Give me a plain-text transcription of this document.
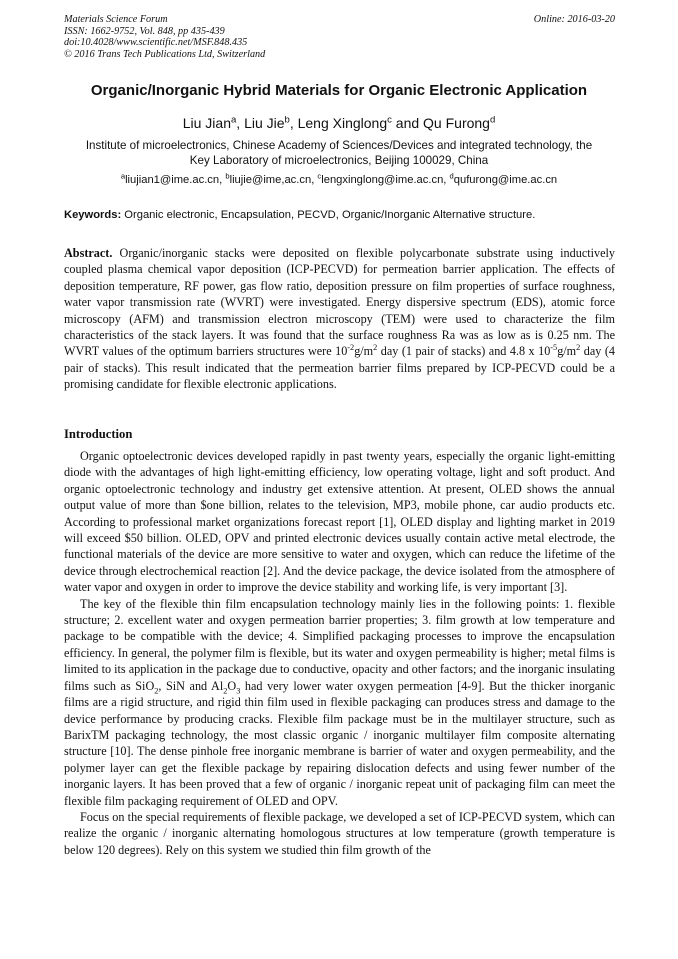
Materials Science Forum
ISSN: 1662-9752, Vol. 848, pp 435-439
doi:10.4028/www.scientific.net/MSF.848.435
© 2016 Trans Tech Publications Ltd, Switzerland
Online: 2016-03-20
Organic/Inorganic Hybrid Materials for Organic Electronic Application
Liu Jian$^a$, Liu Jie$^b$, Leng Xinglong$^c$ and Qu Furong$^d$
Institute of microelectronics, Chinese Academy of Sciences/Devices and integrated technology, the
Key Laboratory of microelectronics, Beijing 100029, China
$^a$liujian1@ime.ac.cn, $^b$liujie@ime,ac.cn, $^c$lengxinglong@ime.ac.cn, $^d$qufurong@ime.ac.cn
Keywords: Organic electronic, Encapsulation, PECVD, Organic/Inorganic Alternative structure.
Abstract. Organic/inorganic stacks were deposited on flexible polycarbonate substrate using inductively coupled plasma chemical vapor deposition (ICP-PECVD) for permeation barrier application. The effects of deposition temperature, RF power, gas flow ratio, deposition pressure on film properties of surface roughness, water vapor transmission rate (WVRT) were investigated. Energy dispersive spectrum (EDS), atomic force microscopy (AFM) and transmission electron microscopy (TEM) were used to characterize the film characteristics of the stack layers. It was found that the surface roughness Ra was as low as is 0.25 nm. The WVRT values of the optimum barriers structures were $10^{-2}g/m^2$ day (1 pair of stacks) and 4.8 x $10^{-5}g/m^2$ day (4 pair of stacks). This result indicated that the permeation barrier films prepared by ICP-PECVD could be a promising candidate for flexible electronic applications.
Introduction

Organic optoelectronic devices developed rapidly in past twenty years, especially the organic light-emitting diode with the advantages of high light-emitting efficiency, low operating voltage, light and soft product. And organic optoelectronic technology and industry get extensive attention. At present, OLED shows the annual output value of more than $one billion, relates to the television, MP3, mobile phone, car audio products etc. According to professional market organizations forecast report [1], OLED display and lighting market in 2019 will exceed $50 billion. OLED, OPV and printed electronic devices usually contain active metal electrode, the functional materials of the device are more sensitive to water and oxygen, which can reduce the lifetime of the device through electrochemical reaction [2]. And the device package, the device isolated from the atmosphere of water vapor and oxygen in order to improve the device stability and working life, is very important [3].

The key of the flexible thin film encapsulation technology mainly lies in the following points: 1. flexible structure; 2. excellent water and oxygen permeation barrier properties; 3. film growth at low temperature and package to be compatible with the device; 4. Simplified packaging processes to improve the encapsulation efficiency. In general, the polymer film is flexible, but its water and oxygen permeability is higher; metal films is limited to its application in the package due to conductive, opacity and other factors; and the inorganic insulating films such as SiO$_2$, SiN and $Al_2O_3$ had very lower water oxygen permeation [4-9]. But the thicker inorganic films are a rigid structure, and rigid thin film used in flexible packaging can produces stress and damage to the device performance by producing cracks. Flexible film package must be in the multilayer structure, such as BarixTM packaging technology, the most classic organic / inorganic multilayer film composite alternating structure [10]. The dense pinhole free inorganic membrane is barrier of water and oxygen permeability, and the polymer layer can get the flexible package by repairing dislocation defects and using fewer number of the inorganic layers. It has been proved that a few of organic / inorganic repeat unit of packaging film can meet the flexible film packaging requirement of OLED and OPV.

Focus on the special requirements of flexible package, we developed a set of ICP-PECVD system, which can realize the organic / inorganic alternating homologous structures at low temperature (growth temperature is below 120 degrees). Rely on this system we studied thin film growth of the
